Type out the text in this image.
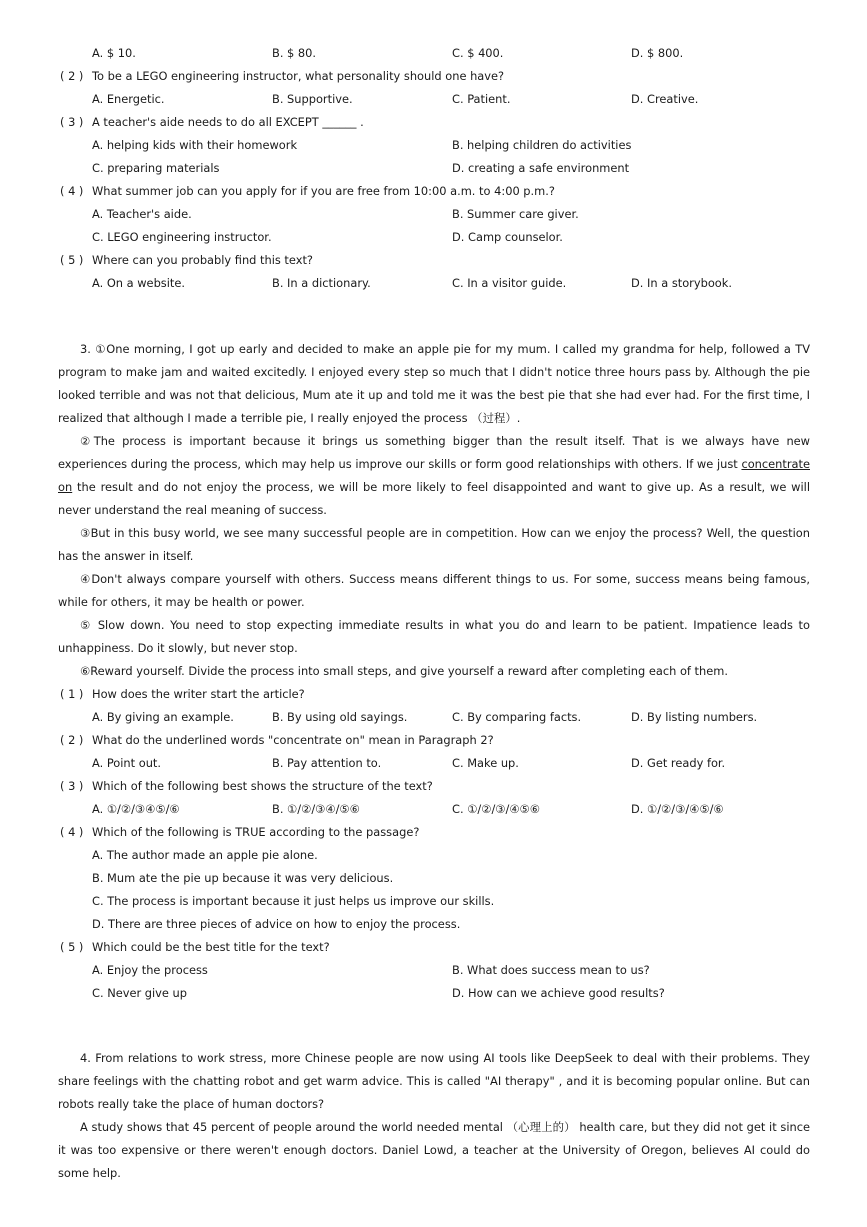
A. $ 10.	B. $ 80.	C. $ 400.	D. $ 800.
( 2 ) To be a LEGO engineering instructor, what personality should one have?
A. Energetic.	B. Supportive.	C. Patient.	D. Creative.
( 3 ) A teacher's aide needs to do all EXCEPT ______ .
A. helping kids with their homework	B. helping children do activities
C. preparing materials	D. creating a safe environment
( 4 ) What summer job can you apply for if you are free from 10:00 a.m. to 4:00 p.m.?
A. Teacher's aide.	B. Summer care giver.
C. LEGO engineering instructor.	D. Camp counselor.
( 5 ) Where can you probably find this text?
A. On a website.	B. In a dictionary.	C. In a visitor guide.	D. In a storybook.
3. ①One morning, I got up early and decided to make an apple pie for my mum. I called my grandma for help, followed a TV program to make jam and waited excitedly. I enjoyed every step so much that I didn't notice three hours pass by. Although the pie looked terrible and was not that delicious, Mum ate it up and told me it was the best pie that she had ever had. For the first time, I realized that although I made a terrible pie, I really enjoyed the process （过程）.
②The process is important because it brings us something bigger than the result itself. That is we always have new experiences during the process, which may help us improve our skills or form good relationships with others. If we just concentrate on the result and do not enjoy the process, we will be more likely to feel disappointed and want to give up. As a result, we will never understand the real meaning of success.
③But in this busy world, we see many successful people are in competition. How can we enjoy the process? Well, the question has the answer in itself.
④Don't always compare yourself with others. Success means different things to us. For some, success means being famous, while for others, it may be health or power.
⑤ Slow down. You need to stop expecting immediate results in what you do and learn to be patient. Impatience leads to unhappiness. Do it slowly, but never stop.
⑥Reward yourself. Divide the process into small steps, and give yourself a reward after completing each of them.
( 1 ) How does the writer start the article?
A. By giving an example.	B. By using old sayings.	C. By comparing facts.	D. By listing numbers.
( 2 ) What do the underlined words "concentrate on" mean in Paragraph 2?
A. Point out.	B. Pay attention to.	C. Make up.	D. Get ready for.
( 3 ) Which of the following best shows the structure of the text?
A. ①/②/③④⑤/⑥	B. ①/②/③④/⑤⑥	C. ①/②/③/④⑤⑥	D. ①/②/③/④⑤/⑥
( 4 ) Which of the following is TRUE according to the passage?
A. The author made an apple pie alone.
B. Mum ate the pie up because it was very delicious.
C. The process is important because it just helps us improve our skills.
D. There are three pieces of advice on how to enjoy the process.
( 5 ) Which could be the best title for the text?
A. Enjoy the process	B. What does success mean to us?
C. Never give up	D. How can we achieve good results?
4. From relations to work stress, more Chinese people are now using AI tools like DeepSeek to deal with their problems. They share feelings with the chatting robot and get warm advice. This is called "AI therapy" , and it is becoming popular online. But can robots really take the place of human doctors?
A study shows that 45 percent of people around the world needed mental （心理上的） health care, but they did not get it since it was too expensive or there weren't enough doctors. Daniel Lowd, a teacher at the University of Oregon, believes AI could do some help.
